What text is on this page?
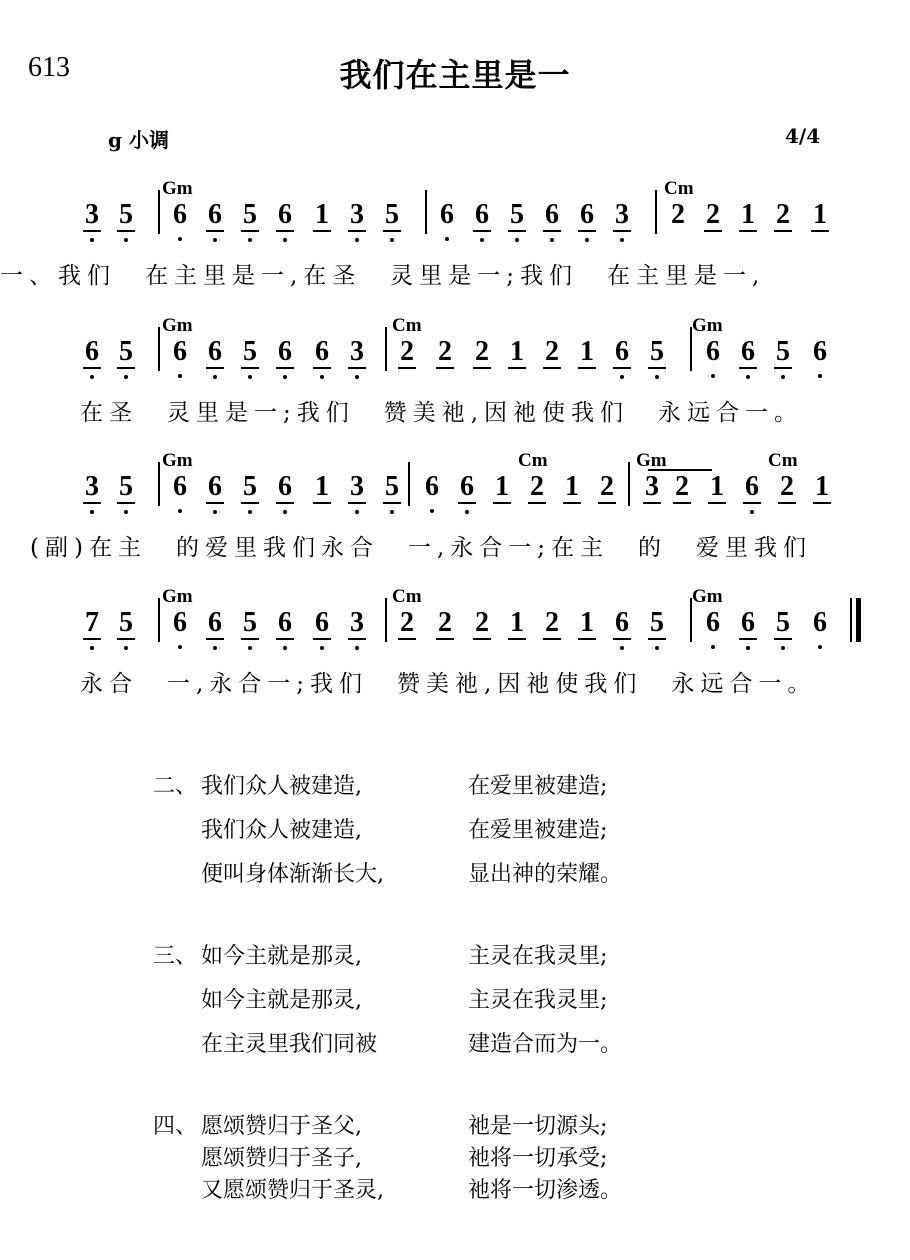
613	我们在主里是一
g 小调	4/4
3 5 6 6 5 6 1 3 5 6 6 5 6 6 3 2 2 1 2 1
Gm	Cm
一、我们　在主里是一,在圣　灵里是一;我们　在主里是一,
6 5 6 6 5 6 6 3 2 2 2 1 2 1 6 5 6 6 5 6
Gm	Cm	Gm
在圣　灵里是一;我们　赞美祂,因祂使我们　永远合一。
3 5 6 6 5 6 1 3 5 6 6 1 2 1 2 3 2 1 6 2 1
Gm	Cm	Gm	Cm
(副)在主　的爱里我们永合　一,永合一;在主　的　爱里我们
7 5 6 6 5 6 6 3 2 2 2 1 2 1 6 5 6 6 5 6
Gm	Cm	Gm
永合　一,永合一;我们　赞美祂,因祂使我们　永远合一。
二、 我们众人被建造,	在爱里被建造;
我们众人被建造,	在爱里被建造;
便叫身体渐渐长大,	显出神的荣耀。
三、 如今主就是那灵,	主灵在我灵里;
如今主就是那灵,	主灵在我灵里;
在主灵里我们同被	建造合而为一。
四、 愿颂赞归于圣父,	祂是一切源头;
愿颂赞归于圣子,	祂将一切承受;
又愿颂赞归于圣灵,	祂将一切渗透。
